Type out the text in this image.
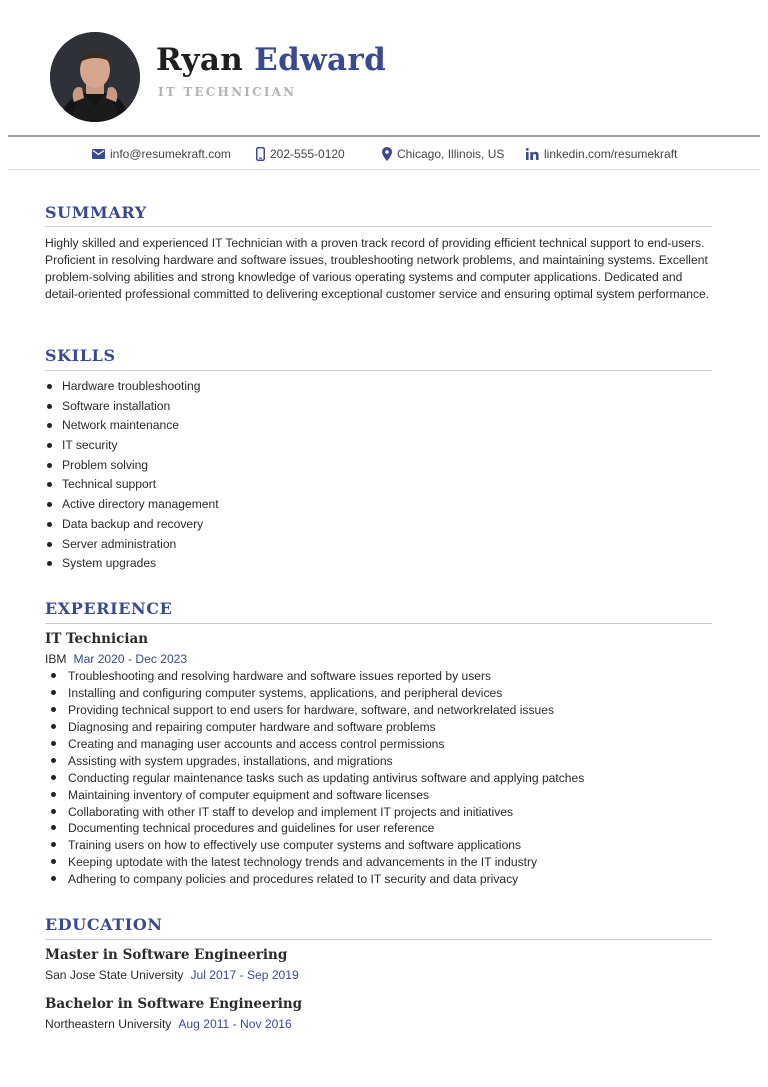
Ryan Edward
IT TECHNICIAN
info@resumekraft.com	202-555-0120	Chicago, Illinois, US	linkedin.com/resumekraft
SUMMARY

Highly skilled and experienced IT Technician with a proven track record of providing efficient technical support to end-users. Proficient in resolving hardware and software issues, troubleshooting network problems, and maintaining systems. Excellent problem-solving abilities and strong knowledge of various operating systems and computer applications. Dedicated and detail-oriented professional committed to delivering exceptional customer service and ensuring optimal system performance.

SKILLS
Hardware troubleshooting
Software installation
Network maintenance
IT security
Problem solving
Technical support
Active directory management
Data backup and recovery
Server administration
System upgrades
EXPERIENCE
IT Technician
IBM Mar 2020 - Dec 2023
Troubleshooting and resolving hardware and software issues reported by users
Installing and configuring computer systems, applications, and peripheral devices
Providing technical support to end users for hardware, software, and networkrelated issues
Diagnosing and repairing computer hardware and software problems
Creating and managing user accounts and access control permissions
Assisting with system upgrades, installations, and migrations
Conducting regular maintenance tasks such as updating antivirus software and applying patches
Maintaining inventory of computer equipment and software licenses
Collaborating with other IT staff to develop and implement IT projects and initiatives
Documenting technical procedures and guidelines for user reference
Training users on how to effectively use computer systems and software applications
Keeping uptodate with the latest technology trends and advancements in the IT industry
Adhering to company policies and procedures related to IT security and data privacy
EDUCATION
Master in Software Engineering
San Jose State University Jul 2017 - Sep 2019
Bachelor in Software Engineering
Northeastern University Aug 2011 - Nov 2016
